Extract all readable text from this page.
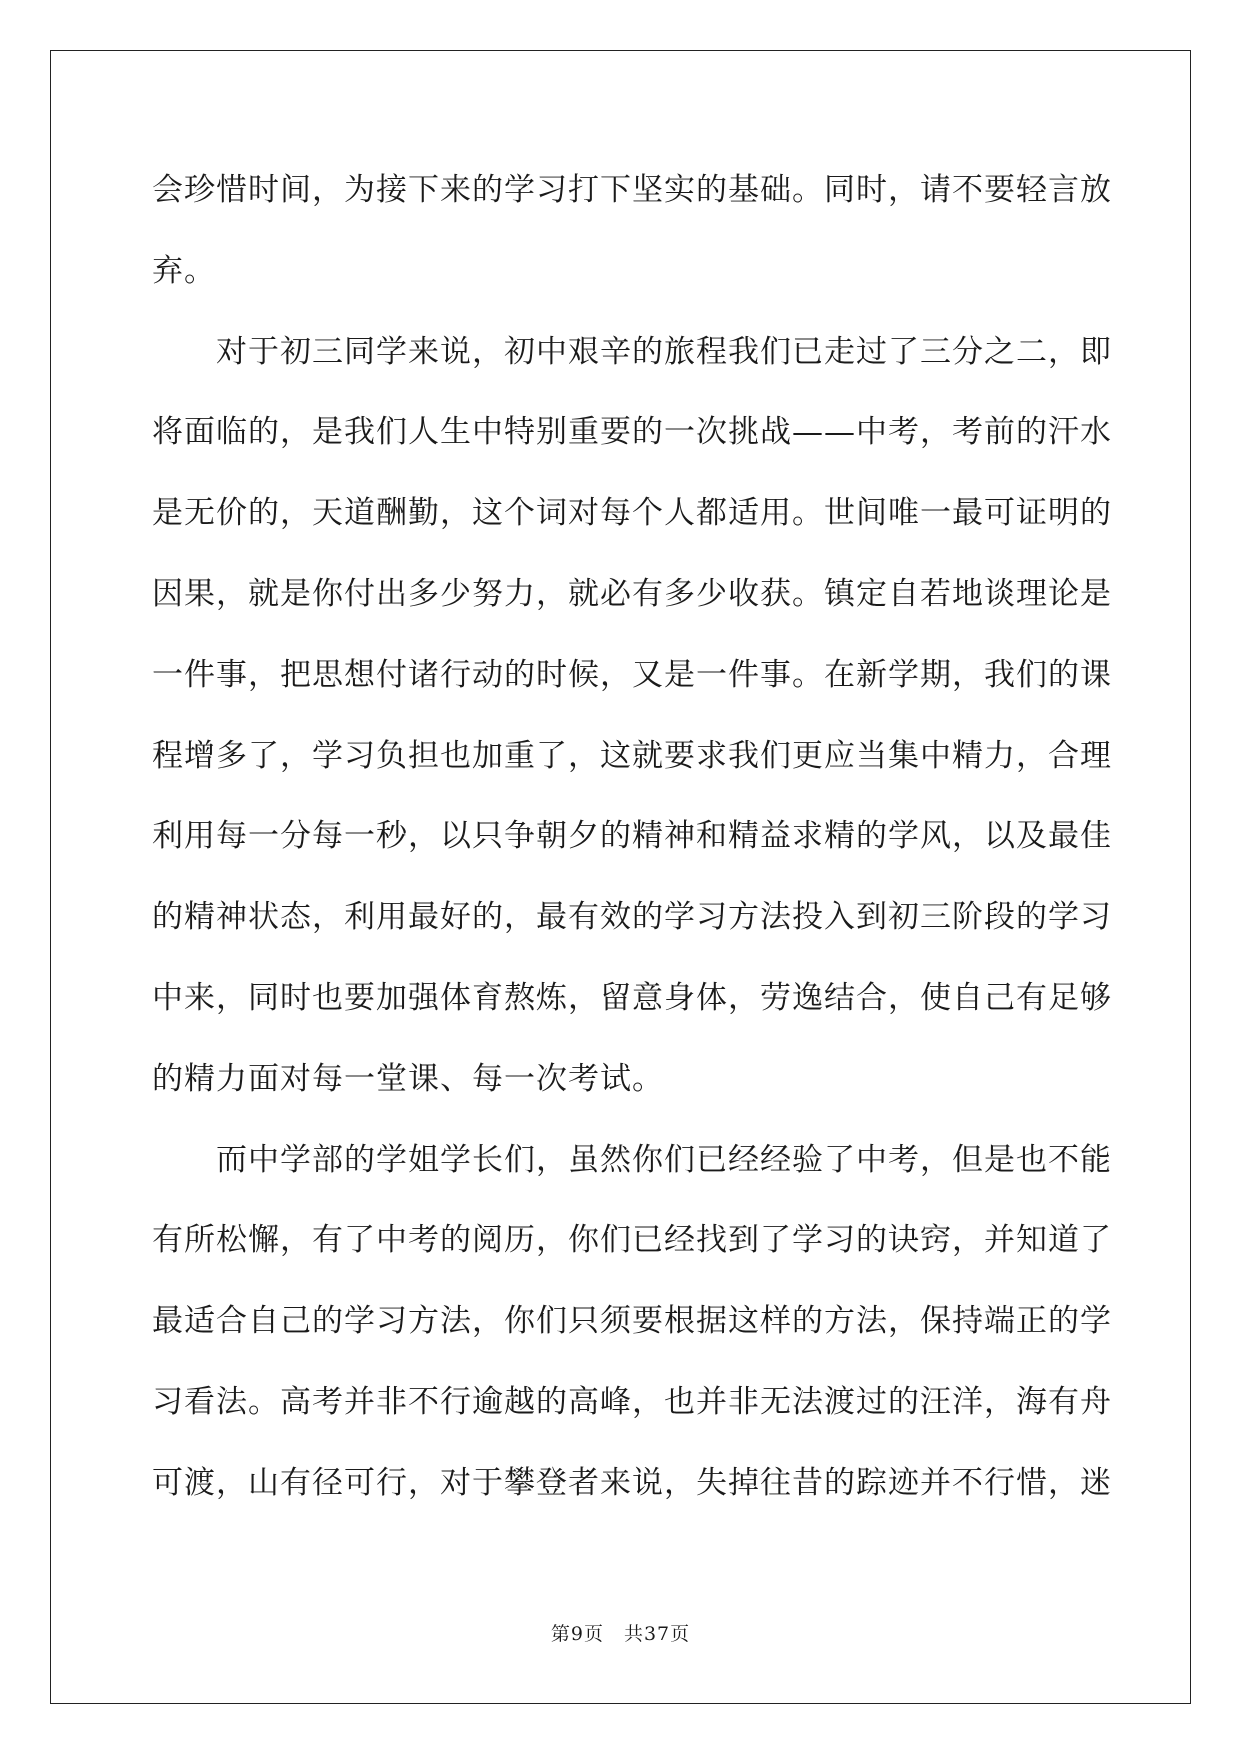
会珍惜时间，为接下来的学习打下坚实的基础。同时，请不要轻言放
弃。
　　对于初三同学来说，初中艰辛的旅程我们已走过了三分之二，即
将面临的，是我们人生中特别重要的一次挑战——中考，考前的汗水
是无价的，天道酬勤，这个词对每个人都适用。世间唯一最可证明的
因果，就是你付出多少努力，就必有多少收获。镇定自若地谈理论是
一件事，把思想付诸行动的时候，又是一件事。在新学期，我们的课
程增多了，学习负担也加重了，这就要求我们更应当集中精力，合理
利用每一分每一秒，以只争朝夕的精神和精益求精的学风，以及最佳
的精神状态，利用最好的，最有效的学习方法投入到初三阶段的学习
中来，同时也要加强体育熬炼，留意身体，劳逸结合，使自己有足够
的精力面对每一堂课、每一次考试。
　　而中学部的学姐学长们，虽然你们已经经验了中考，但是也不能
有所松懈，有了中考的阅历，你们已经找到了学习的诀窍，并知道了
最适合自己的学习方法，你们只须要根据这样的方法，保持端正的学
习看法。高考并非不行逾越的高峰，也并非无法渡过的汪洋，海有舟
可渡，山有径可行，对于攀登者来说，失掉往昔的踪迹并不行惜，迷
第9页　共37页
